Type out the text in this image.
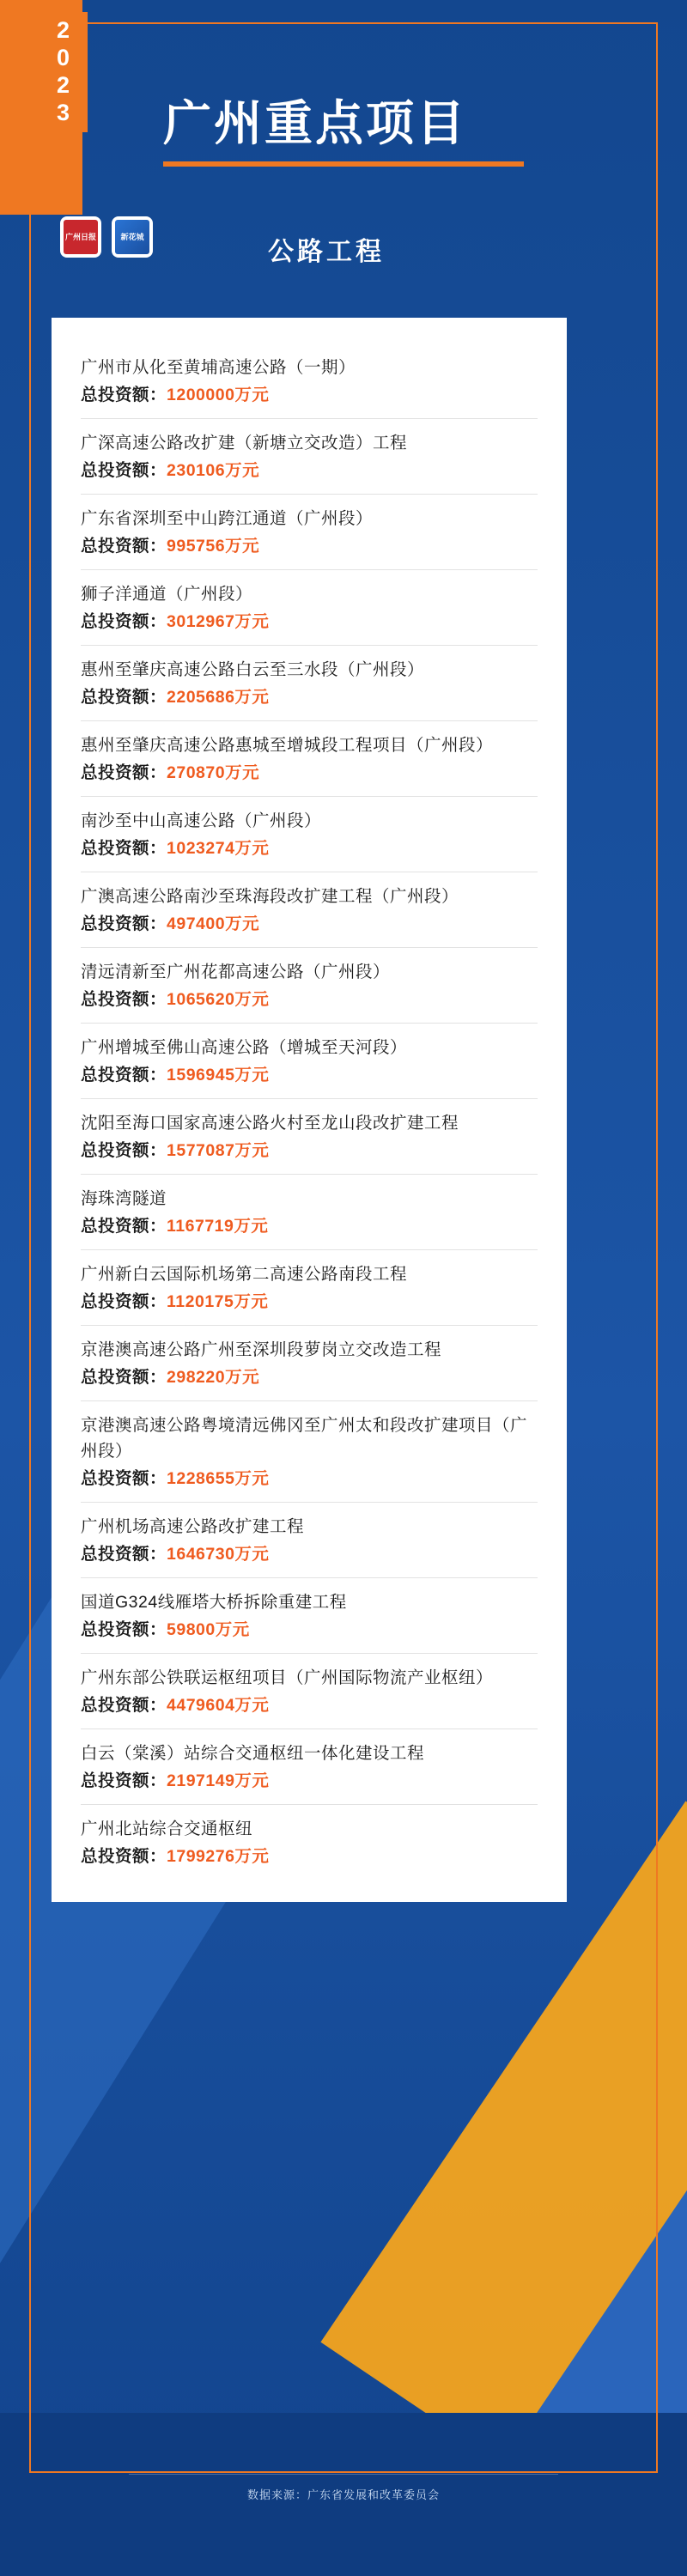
2023 广州重点项目
广州日报	新花城
公路工程
广州市从化至黄埔高速公路（一期）
总投资额：1200000万元
广深高速公路改扩建（新塘立交改造）工程
总投资额：230106万元
广东省深圳至中山跨江通道（广州段）
总投资额：995756万元
狮子洋通道（广州段）
总投资额：3012967万元
惠州至肇庆高速公路白云至三水段（广州段）
总投资额：2205686万元
惠州至肇庆高速公路惠城至增城段工程项目（广州段）
总投资额：270870万元
南沙至中山高速公路（广州段）
总投资额：1023274万元
广澳高速公路南沙至珠海段改扩建工程（广州段）
总投资额：497400万元
清远清新至广州花都高速公路（广州段）
总投资额：1065620万元
广州增城至佛山高速公路（增城至天河段）
总投资额：1596945万元
沈阳至海口国家高速公路火村至龙山段改扩建工程
总投资额：1577087万元
海珠湾隧道
总投资额：1167719万元
广州新白云国际机场第二高速公路南段工程
总投资额：1120175万元
京港澳高速公路广州至深圳段萝岗立交改造工程
总投资额：298220万元
京港澳高速公路粤境清远佛冈至广州太和段改扩建项目（广州段）
总投资额：1228655万元
广州机场高速公路改扩建工程
总投资额：1646730万元
国道G324线雁塔大桥拆除重建工程
总投资额：59800万元
广州东部公铁联运枢纽项目（广州国际物流产业枢纽）
总投资额：4479604万元
白云（棠溪）站综合交通枢纽一体化建设工程
总投资额：2197149万元
广州北站综合交通枢纽
总投资额：1799276万元
数据来源：广东省发展和改革委员会
